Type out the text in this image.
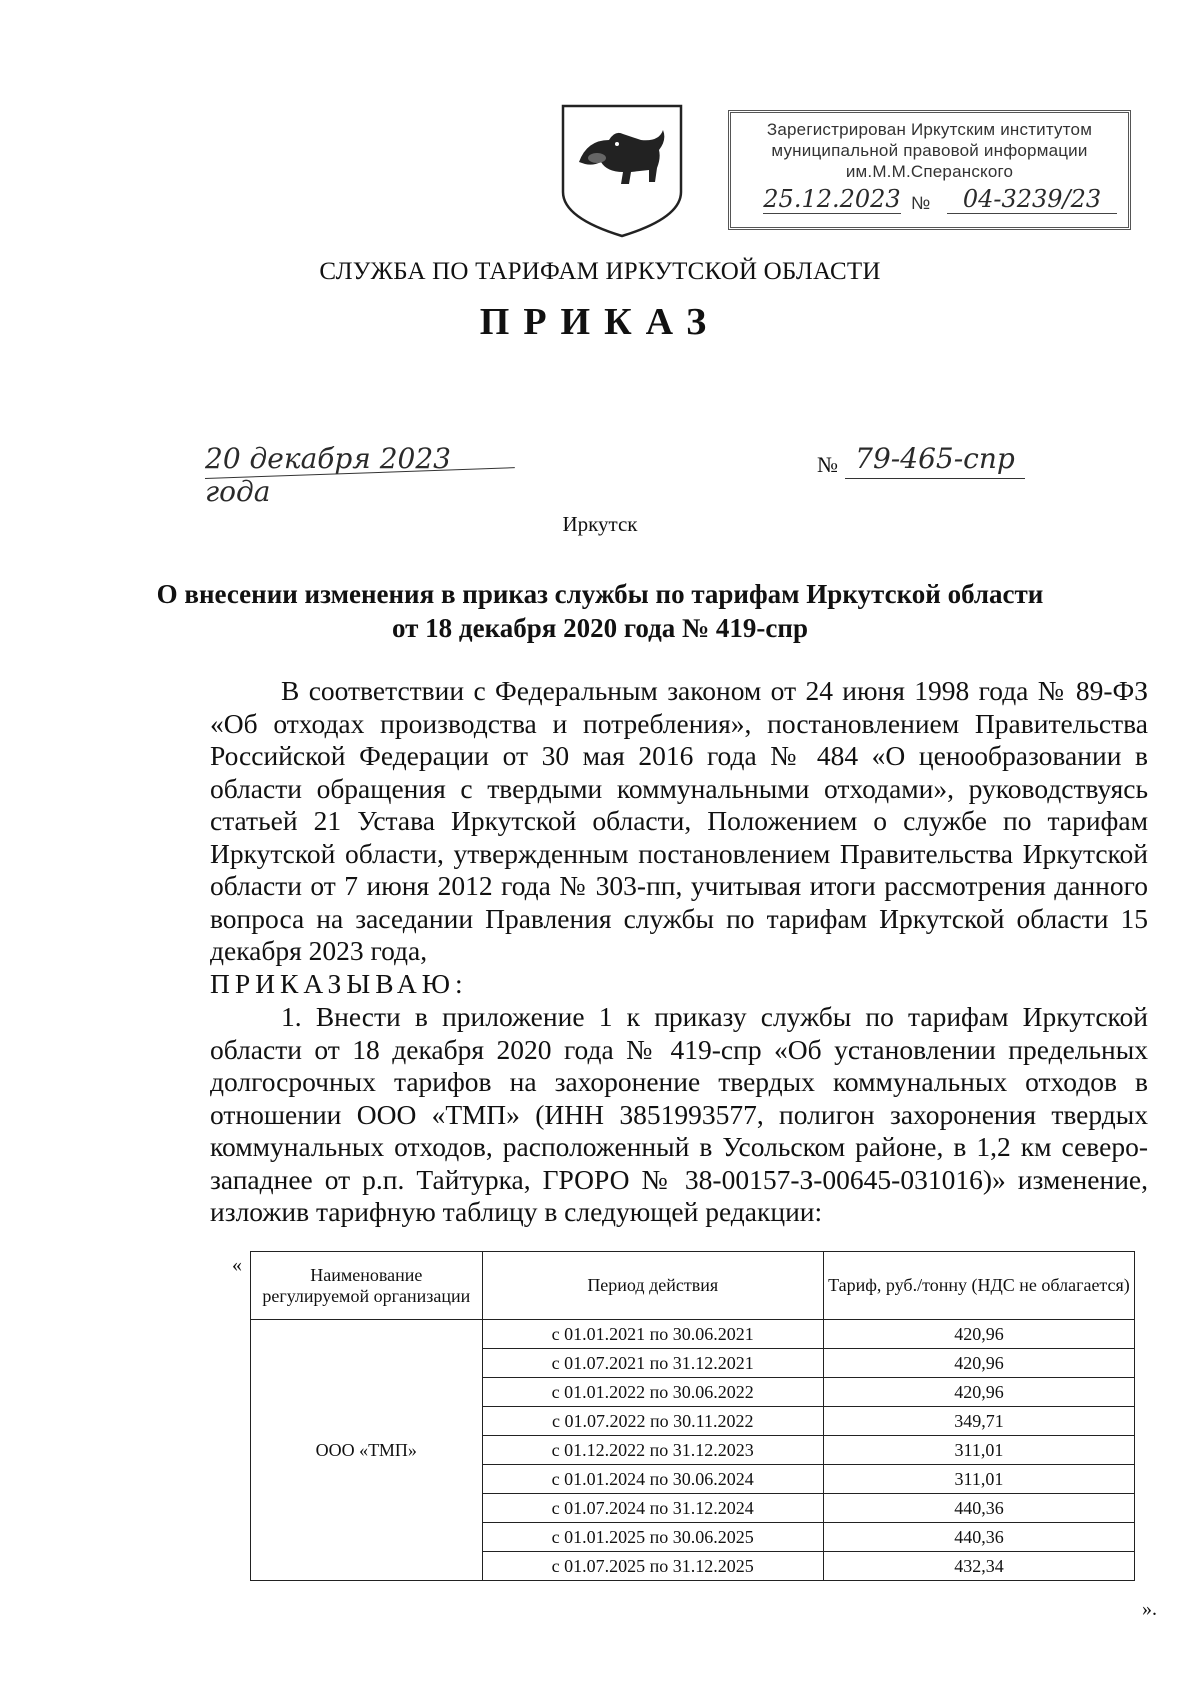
Зарегистрирован Иркутским институтом
муниципальной правовой информации
им.М.М.Сперанского
25.12.2023 №	04-3239/23
СЛУЖБА ПО ТАРИФАМ ИРКУТСКОЙ ОБЛАСТИ
ПРИКАЗ
20 декабря 2023 года
№ 79-465-спр
Иркутск
О внесении изменения в приказ службы по тарифам Иркутской области
от 18 декабря 2020 года № 419-спр
В соответствии с Федеральным законом от 24 июня 1998 года № 89-ФЗ «Об отходах производства и потребления», постановлением Правительства Российской Федерации от 30 мая 2016 года № 484 «О ценообразовании в области обращения с твердыми коммунальными отходами», руководствуясь статьей 21 Устава Иркутской области, Положением о службе по тарифам Иркутской области, утвержденным постановлением Правительства Иркутской области от 7 июня 2012 года № 303-пп, учитывая итоги рассмотрения данного вопроса на заседании Правления службы по тарифам Иркутской области 15 декабря 2023 года,
ПРИКАЗЫВАЮ:
1. Внести в приложение 1 к приказу службы по тарифам Иркутской области от 18 декабря 2020 года № 419-спр «Об установлении предельных долгосрочных тарифов на захоронение твердых коммунальных отходов в отношении ООО «ТМП» (ИНН 3851993577, полигон захоронения твердых коммунальных отходов, расположенный в Усольском районе, в 1,2 км северо-западнее от р.п. Тайтурка, ГРОРО № 38-00157-З-00645-031016)» изменение, изложив тарифную таблицу в следующей редакции:
«	Наименование регулируемой организации	Период действия	Тариф, руб./тонну (НДС не облагается)
ООО «ТМП»	с 01.01.2021 по 30.06.2021	420,96
	с 01.07.2021 по 31.12.2021	420,96
	с 01.01.2022 по 30.06.2022	420,96
	с 01.07.2022 по 30.11.2022	349,71
	с 01.12.2022 по 31.12.2023	311,01
	с 01.01.2024 по 30.06.2024	311,01
	с 01.07.2024 по 31.12.2024	440,36
	с 01.01.2025 по 30.06.2025	440,36
	с 01.07.2025 по 31.12.2025	432,34
».
